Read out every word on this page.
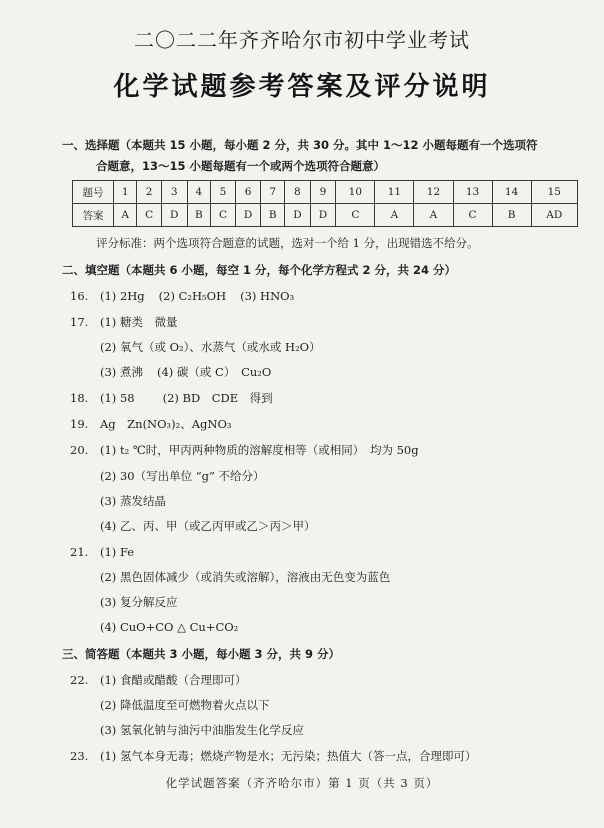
二〇二二年齐齐哈尔市初中学业考试
化学试题参考答案及评分说明
一、选择题（本题共 15 小题，每小题 2 分，共 30 分。其中 1～12 小题每题有一个选项符
合题意，13～15 小题每题有一个或两个选项符合题意）
题号	1	2	3	4	5	6	7	8	9	10	11	12	13	14	15
答案	A	C	D	B	C	D	B	D	D	C	A	A	C	B	AD
评分标准：两个选项符合题意的试题，选对一个给 1 分，出现错选不给分。
二、填空题（本题共 6 小题，每空 1 分，每个化学方程式 2 分，共 24 分）
16. (1) 2Hg (2) C₂H₅OH (3) HNO₃
17. (1) 糖类　微量
(2) 氧气（或 O₂）、水蒸气（或水或 H₂O）
(3) 煮沸 (4) 碳（或 C）　Cu₂O
18. (1) 58 (2) BD　CDE　得到
19. Ag　Zn(NO₃)₂、AgNO₃
20. (1) t₂ ℃时，甲丙两种物质的溶解度相等（或相同）　均为 50g
(2) 30（写出单位 “g” 不给分）
(3) 蒸发结晶
(4) 乙、丙、甲（或乙丙甲或乙＞丙＞甲）
21. (1) Fe
(2) 黑色固体减少（或消失或溶解），溶液由无色变为蓝色
(3) 复分解反应
(4) CuO+CO △ Cu+CO₂
三、简答题（本题共 3 小题，每小题 3 分，共 9 分）
22. (1) 食醋或醋酸（合理即可）
(2) 降低温度至可燃物着火点以下
(3) 氢氧化钠与油污中油脂发生化学反应
23. (1) 氢气本身无毒；燃烧产物是水；无污染；热值大（答一点，合理即可）
化学试题答案（齐齐哈尔市）第 1 页（共 3 页）
